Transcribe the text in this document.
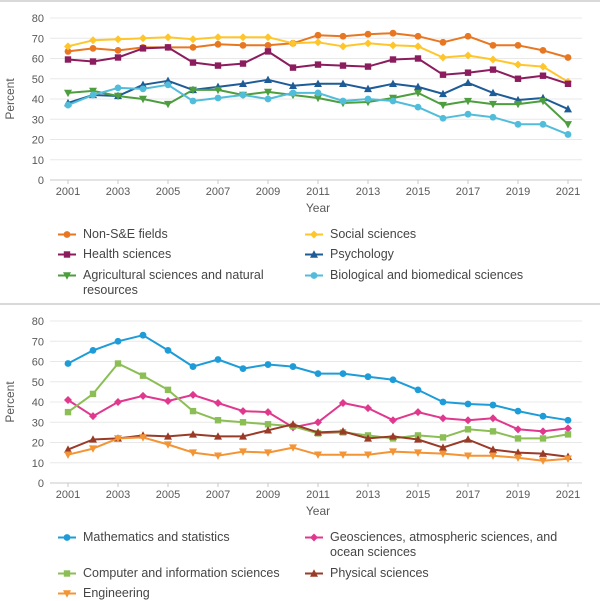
0
10
20
30
40
50
60
70
80
2001 2003 2005 2007 2009 2011 2013 2015 2017 2019 2021
Percent
Year
Non-S&E fields
Health sciences
Agricultural sciences and natural resources
Social sciences
Psychology
Biological and biomedical sciences
0
10
20
30
40
50
60
70
80
2001 2003 2005 2007 2009 2011 2013 2015 2017 2019 2021
Percent
Year
Mathematics and statistics
Computer and information sciences
Engineering
Geosciences, atmospheric sciences, and ocean sciences
Physical sciences
